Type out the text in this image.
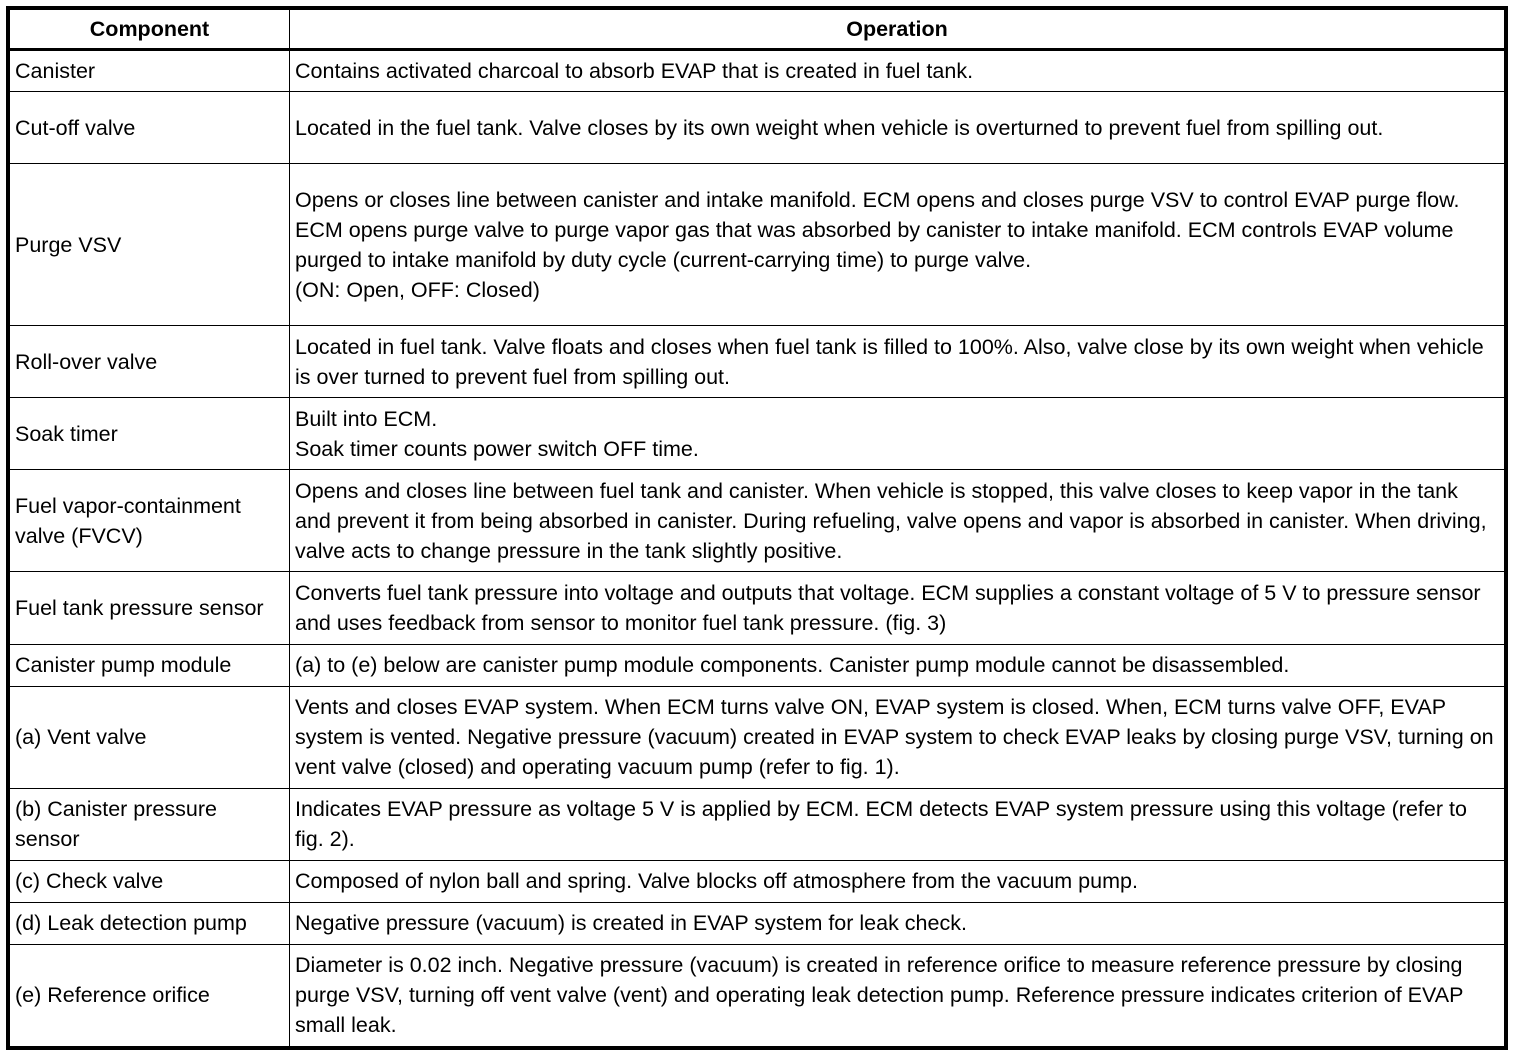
Component	Operation
Canister	Contains activated charcoal to absorb EVAP that is created in fuel tank.

Cut-off valve	Located in the fuel tank. Valve closes by its own weight when vehicle is overturned to prevent fuel from spilling out.

Purge VSV	Opens or closes line between canister and intake manifold. ECM opens and closes purge VSV to control EVAP purge flow. ECM opens purge valve to purge vapor gas that was absorbed by canister to intake manifold. ECM controls EVAP volume purged to intake manifold by duty cycle (current-carrying time) to purge valve.
(ON: Open, OFF: Closed)

Roll-over valve	Located in fuel tank. Valve floats and closes when fuel tank is filled to 100%. Also, valve close by its own weight when vehicle is over turned to prevent fuel from spilling out.

Soak timer	Built into ECM.
Soak timer counts power switch OFF time.

Fuel vapor-containment valve (FVCV)	Opens and closes line between fuel tank and canister. When vehicle is stopped, this valve closes to keep vapor in the tank and prevent it from being absorbed in canister. During refueling, valve opens and vapor is absorbed in canister. When driving, valve acts to change pressure in the tank slightly positive.

Fuel tank pressure sensor	Converts fuel tank pressure into voltage and outputs that voltage. ECM supplies a constant voltage of 5 V to pressure sensor and uses feedback from sensor to monitor fuel tank pressure. (fig. 3)

Canister pump module	(a) to (e) below are canister pump module components. Canister pump module cannot be disassembled.

(a) Vent valve	Vents and closes EVAP system. When ECM turns valve ON, EVAP system is closed. When, ECM turns valve OFF, EVAP system is vented. Negative pressure (vacuum) created in EVAP system to check EVAP leaks by closing purge VSV, turning on vent valve (closed) and operating vacuum pump (refer to fig. 1).

(b) Canister pressure sensor	Indicates EVAP pressure as voltage 5 V is applied by ECM. ECM detects EVAP system pressure using this voltage (refer to fig. 2).

(c) Check valve	Composed of nylon ball and spring. Valve blocks off atmosphere from the vacuum pump.

(d) Leak detection pump	Negative pressure (vacuum) is created in EVAP system for leak check.

(e) Reference orifice	Diameter is 0.02 inch. Negative pressure (vacuum) is created in reference orifice to measure reference pressure by closing purge VSV, turning off vent valve (vent) and operating leak detection pump. Reference pressure indicates criterion of EVAP small leak.
